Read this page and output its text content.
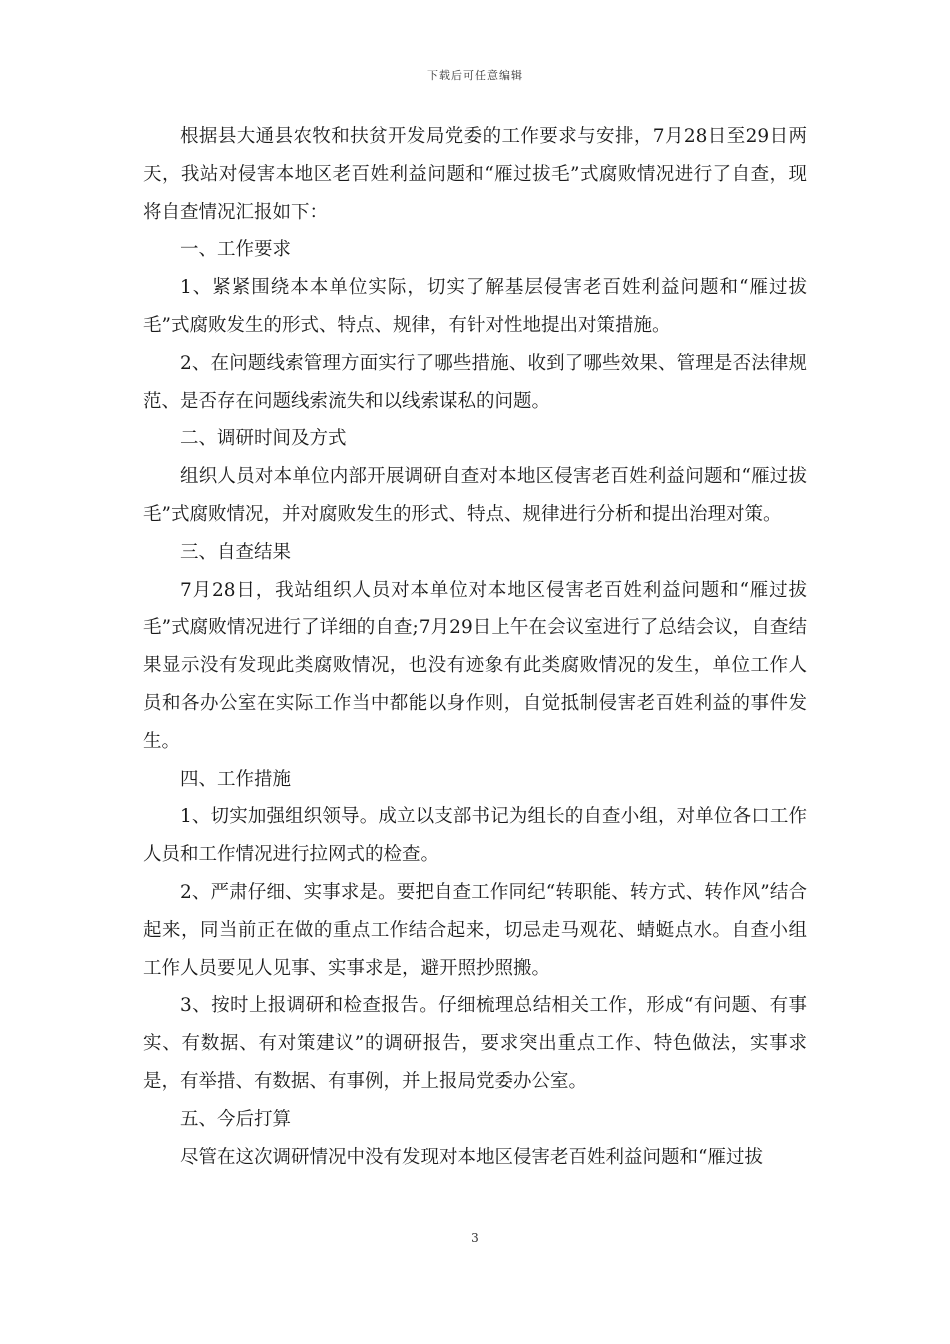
下载后可任意编辑

根据县大通县农牧和扶贫开发局党委的工作要求与安排，7月28日至29日两天，我站对侵害本地区老百姓利益问题和“雁过拔毛”式腐败情况进行了自查，现将自查情况汇报如下：

一、工作要求

1、紧紧围绕本本单位实际，切实了解基层侵害老百姓利益问题和“雁过拔毛”式腐败发生的形式、特点、规律，有针对性地提出对策措施。

2、在问题线索管理方面实行了哪些措施、收到了哪些效果、管理是否法律规范、是否存在问题线索流失和以线索谋私的问题。

二、调研时间及方式

组织人员对本单位内部开展调研自查对本地区侵害老百姓利益问题和“雁过拔毛”式腐败情况，并对腐败发生的形式、特点、规律进行分析和提出治理对策。

三、自查结果

7月28日，我站组织人员对本单位对本地区侵害老百姓利益问题和“雁过拔毛”式腐败情况进行了详细的自查;7月29日上午在会议室进行了总结会议，自查结果显示没有发现此类腐败情况，也没有迹象有此类腐败情况的发生，单位工作人员和各办公室在实际工作当中都能以身作则，自觉抵制侵害老百姓利益的事件发生。

四、工作措施

1、切实加强组织领导。成立以支部书记为组长的自查小组，对单位各口工作人员和工作情况进行拉网式的检查。

2、严肃仔细、实事求是。要把自查工作同纪“转职能、转方式、转作风”结合起来，同当前正在做的重点工作结合起来，切忌走马观花、蜻蜓点水。自查小组工作人员要见人见事、实事求是，避开照抄照搬。

3、按时上报调研和检查报告。仔细梳理总结相关工作，形成“有问题、有事实、有数据、有对策建议”的调研报告，要求突出重点工作、特色做法，实事求是，有举措、有数据、有事例，并上报局党委办公室。

五、今后打算

尽管在这次调研情况中没有发现对本地区侵害老百姓利益问题和“雁过拔

3
